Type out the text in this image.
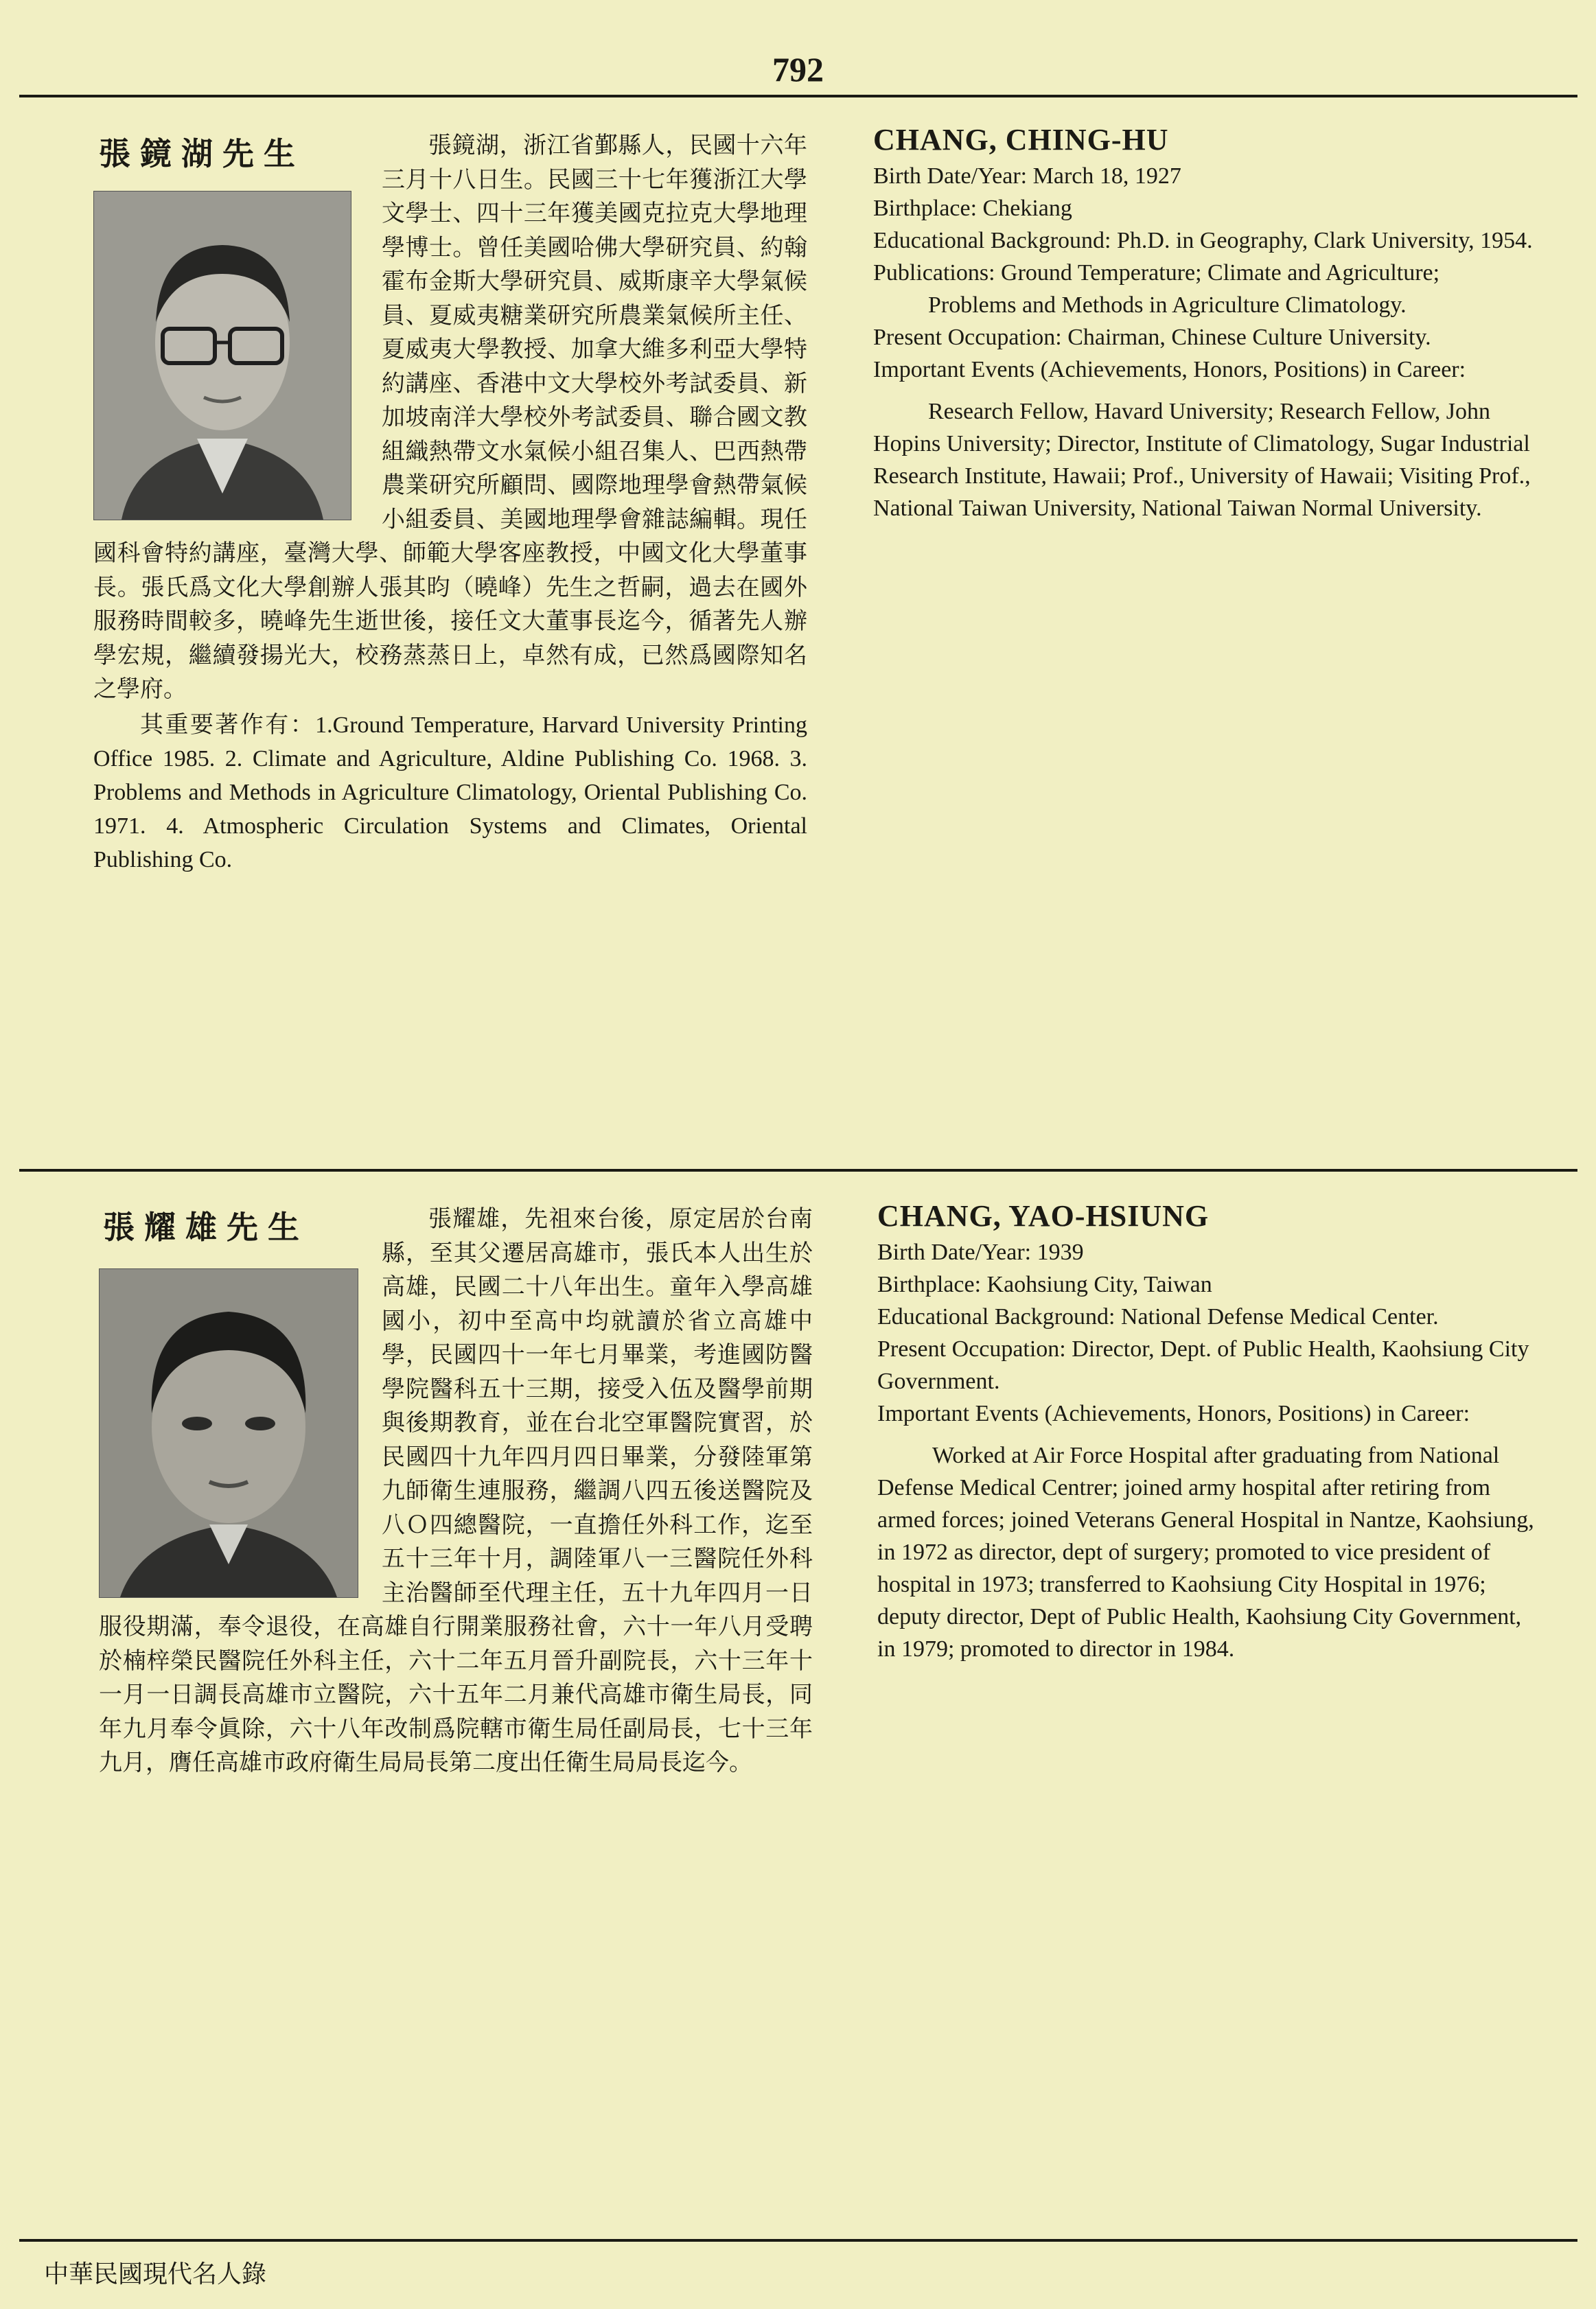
792
張鏡湖先生	張鏡湖，浙江省鄞縣人，民國十六年三月十八日生。民國三十七年獲浙江大學文學士、四十三年獲美國克拉克大學地理學博士。曾任美國哈佛大學研究員、約翰霍布金斯大學研究員、威斯康辛大學氣候員、夏威夷糖業研究所農業氣候所主任、夏威夷大學教授、加拿大維多利亞大學特約講座、香港中文大學校外考試委員、新加坡南洋大學校外考試委員、聯合國文教組織熱帶文水氣候小組召集人、巴西熱帶農業研究所顧問、國際地理學會熱帶氣候小組委員、美國地理學會雜誌編輯。現任國科會特約講座，臺灣大學、師範大學客座教授，中國文化大學董事長。張氏爲文化大學創辦人張其昀（曉峰）先生之哲嗣，過去在國外服務時間較多，曉峰先生逝世後，接任文大董事長迄今，循著先人辦學宏規，繼續發揚光大，校務蒸蒸日上，卓然有成，已然爲國際知名之學府。

其重要著作有：1.Ground Temperature, Harvard University Printing Office 1985. 2. Climate and Agriculture, Aldine Publishing Co. 1968. 3. Problems and Methods in Agriculture Climatology, Oriental Publishing Co. 1971. 4. Atmospheric Circulation Systems and Climates, Oriental Publishing Co.

CHANG, CHING-HU
Birth Date/Year: March 18, 1927
Birthplace: Chekiang
Educational Background: Ph.D. in Geography, Clark University, 1954.
Publications: Ground Temperature; Climate and Agriculture;
Problems and Methods in Agriculture Climatology.
Present Occupation: Chairman, Chinese Culture University.
Important Events (Achievements, Honors, Positions) in Career:
Research Fellow, Havard University; Research Fellow, John Hopins University; Director, Institute of Climatology, Sugar Industrial Research Institute, Hawaii; Prof., University of Hawaii; Visiting Prof., National Taiwan University, National Taiwan Normal University.
張耀雄先生	張耀雄，先祖來台後，原定居於台南縣，至其父遷居高雄市，張氏本人出生於高雄，民國二十八年出生。童年入學高雄國小，初中至高中均就讀於省立高雄中學，民國四十一年七月畢業，考進國防醫學院醫科五十三期，接受入伍及醫學前期與後期教育，並在台北空軍醫院實習，於民國四十九年四月四日畢業，分發陸軍第九師衛生連服務，繼調八四五後送醫院及八Ｏ四總醫院，一直擔任外科工作，迄至五十三年十月，調陸軍八一三醫院任外科主治醫師至代理主任，五十九年四月一日服役期滿，奉令退役，在高雄自行開業服務社會，六十一年八月受聘於楠梓榮民醫院任外科主任，六十二年五月晉升副院長，六十三年十一月一日調長高雄市立醫院，六十五年二月兼代高雄市衛生局長，同年九月奉令眞除，六十八年改制爲院轄市衛生局任副局長，七十三年九月，膺任高雄市政府衛生局局長第二度出任衛生局局長迄今。

CHANG, YAO-HSIUNG
Birth Date/Year: 1939
Birthplace: Kaohsiung City, Taiwan
Educational Background: National Defense Medical Center.
Present Occupation: Director, Dept. of Public Health, Kaohsiung City Government.
Important Events (Achievements, Honors, Positions) in Career:
Worked at Air Force Hospital after graduating from National Defense Medical Centrer; joined army hospital after retiring from armed forces; joined Veterans General Hospital in Nantze, Kaohsiung, in 1972 as director, dept of surgery; promoted to vice president of hospital in 1973; transferred to Kaohsiung City Hospital in 1976; deputy director, Dept of Public Health, Kaohsiung City Government, in 1979; promoted to director in 1984.
中華民國現代名人錄
